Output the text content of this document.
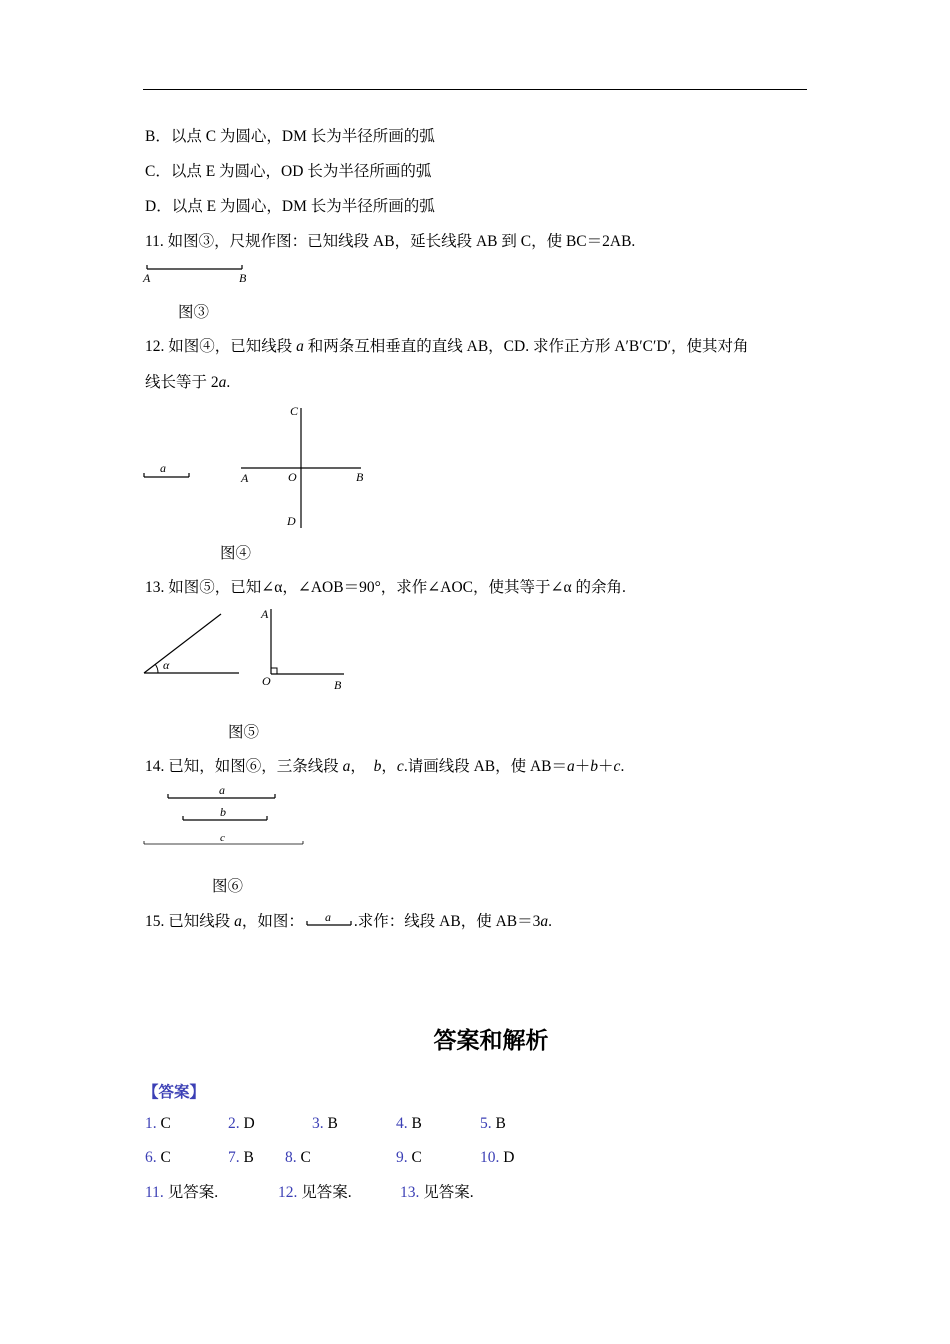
B．以点 C 为圆心，DM 长为半径所画的弧
C．以点 E 为圆心，OD 长为半径所画的弧
D．以点 E 为圆心，DM 长为半径所画的弧
11. 如图③，尺规作图：已知线段 AB，延长线段 AB 到 C，使 BC＝2AB.
A	B
图③
12. 如图④，已知线段 a 和两条互相垂直的直线 AB，CD. 求作正方形 A′B′C′D′，使其对角
线长等于 2a.
a
C
O	B
A
D
图④
13. 如图⑤，已知∠α，∠AOB＝90°，求作∠AOC，使其等于∠α 的余角.
α
A
O	B
图⑤
14. 已知，如图⑥，三条线段 a，　b，c.请画线段 AB，使 AB＝a＋b＋c.
a
b
c
图⑥
15. 已知线段 a，如图： a .求作：线段 AB，使 AB＝3a.
答案和解析
【答案】
1. C	2. D	3. B	4. B	5. B
6. C	7. B 8. C	9. C	10. D
11. 见答案.	12. 见答案.	13. 见答案.
